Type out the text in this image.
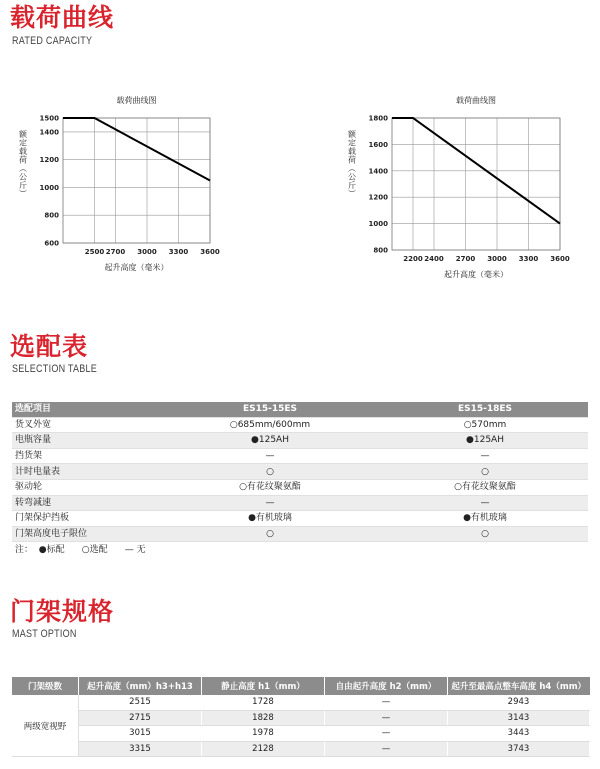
载荷曲线
RATED CAPACITY
载荷曲线图
2500 2700 3000 3300 3600
600
800
1000
1200
1400
1500
起升高度（毫米）
额定载荷（公斤）
载荷曲线图
2200 2400 2700 3000 3300 3600
800
1000
1200
1400
1600
1800
起升高度（毫米）
额定载荷（公斤）
选配表
SELECTION TABLE
选配项目	ES15-15ES	ES15-18ES
货叉外宽	○685mm/600mm	○570mm
电瓶容量	●125AH	●125AH
挡货架	—	—
计时电量表	○	○
驱动轮	○有花纹聚氨酯	○有花纹聚氨酯
转弯减速	—	—
门架保护挡板	●有机玻璃	●有机玻璃
门架高度电子限位	○	○
注：  ●标配      ○选配      — 无		
门架规格
MAST OPTION
门架级数	起升高度（mm）h3+h13	静止高度 h1（mm）	自由起升高度 h2（mm）	起升至最高点整车高度 h4（mm）
两级宽视野	2515	1728	—	2943
	2715	1828	—	3143
	3015	1978	—	3443
	3315	2128	—	3743
